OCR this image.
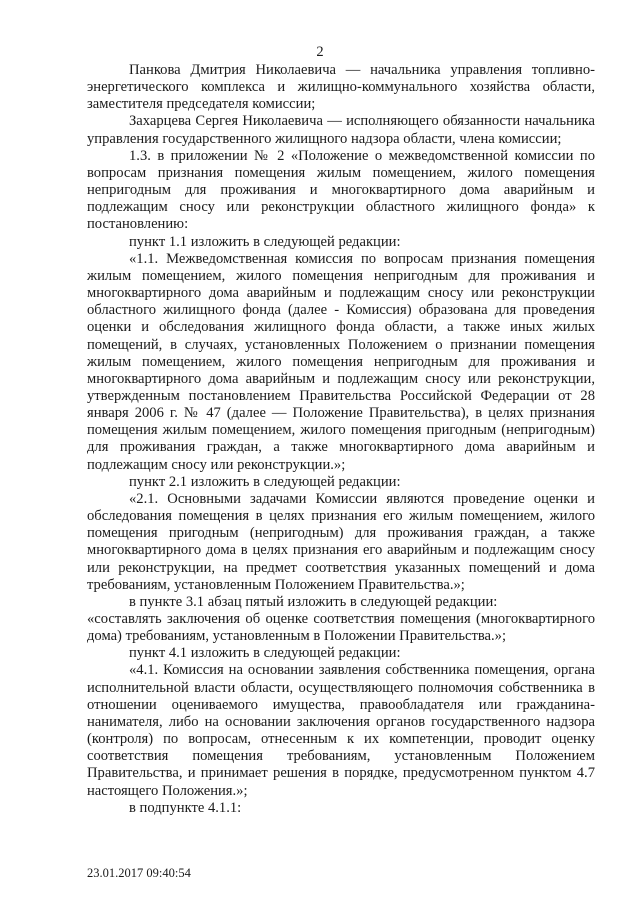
2

Панкова Дмитрия Николаевича — начальника управления топливно-энергетического комплекса и жилищно-коммунального хозяйства области, заместителя председателя комиссии;

Захарцева Сергея Николаевича — исполняющего обязанности начальника управления государственного жилищного надзора области, члена комиссии;

1.3. в приложении № 2 «Положение о межведомственной комиссии по вопросам признания помещения жилым помещением, жилого помещения непригодным для проживания и многоквартирного дома аварийным и подлежащим сносу или реконструкции областного жилищного фонда» к постановлению:

пункт 1.1 изложить в следующей редакции:

«1.1. Межведомственная комиссия по вопросам признания помещения жилым помещением, жилого помещения непригодным для проживания и многоквартирного дома аварийным и подлежащим сносу или реконструкции областного жилищного фонда (далее - Комиссия) образована для проведения оценки и обследования жилищного фонда области, а также иных жилых помещений, в случаях, установленных Положением о признании помещения жилым помещением, жилого помещения непригодным для проживания и многоквартирного дома аварийным и подлежащим сносу или реконструкции, утвержденным постановлением Правительства Российской Федерации от 28 января 2006 г. № 47 (далее — Положение Правительства), в целях признания помещения жилым помещением, жилого помещения пригодным (непригодным) для проживания граждан, а также многоквартирного дома аварийным и подлежащим сносу или реконструкции.»;

пункт 2.1 изложить в следующей редакции:

«2.1. Основными задачами Комиссии являются проведение оценки и обследования помещения в целях признания его жилым помещением, жилого помещения пригодным (непригодным) для проживания граждан, а также многоквартирного дома в целях признания его аварийным и подлежащим сносу или реконструкции, на предмет соответствия указанных помещений и дома требованиям, установленным Положением Правительства.»;

в пункте 3.1 абзац пятый изложить в следующей редакции:

«составлять заключения об оценке соответствия помещения (многоквартирного дома) требованиям, установленным в Положении Правительства.»;

пункт 4.1 изложить в следующей редакции:

«4.1. Комиссия на основании заявления собственника помещения, органа исполнительной власти области, осуществляющего полномочия собственника в отношении оцениваемого имущества, правообладателя или гражданина-нанимателя, либо на основании заключения органов государственного надзора (контроля) по вопросам, отнесенным к их компетенции, проводит оценку соответствия помещения требованиям, установленным Положением Правительства, и принимает решения в порядке, предусмотренном пунктом 4.7 настоящего Положения.»;

в подпункте 4.1.1:

23.01.2017 09:40:54
